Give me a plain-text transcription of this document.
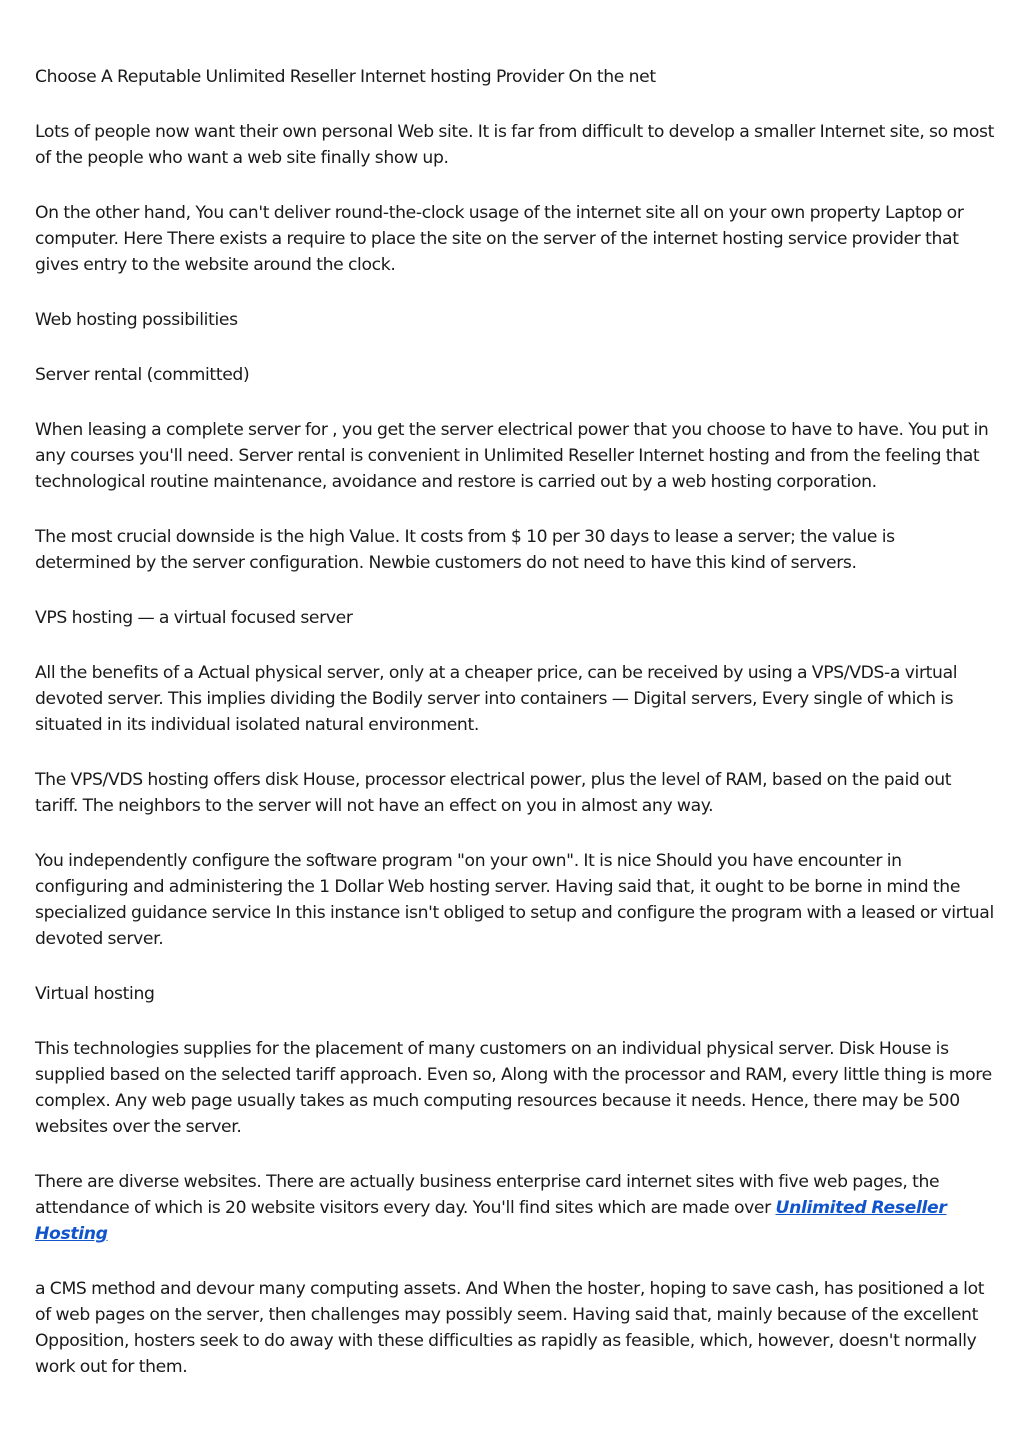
Choose A Reputable Unlimited Reseller Internet hosting Provider On the net

Lots of people now want their own personal Web site. It is far from difficult to develop a smaller Internet site, so most of the people who want a web site finally show up.

On the other hand, You can't deliver round-the-clock usage of the internet site all on your own property Laptop or computer. Here There exists a require to place the site on the server of the internet hosting service provider that gives entry to the website around the clock.

Web hosting possibilities

Server rental (committed)

When leasing a complete server for , you get the server electrical power that you choose to have to have. You put in any courses you'll need. Server rental is convenient in Unlimited Reseller Internet hosting and from the feeling that technological routine maintenance, avoidance and restore is carried out by a web hosting corporation.

The most crucial downside is the high Value. It costs from $ 10 per 30 days to lease a server; the value is determined by the server configuration. Newbie customers do not need to have this kind of servers.

VPS hosting — a virtual focused server

All the benefits of a Actual physical server, only at a cheaper price, can be received by using a VPS/VDS-a virtual devoted server. This implies dividing the Bodily server into containers — Digital servers, Every single of which is situated in its individual isolated natural environment.

The VPS/VDS hosting offers disk House, processor electrical power, plus the level of RAM, based on the paid out tariff. The neighbors to the server will not have an effect on you in almost any way.

You independently configure the software program "on your own". It is nice Should you have encounter in configuring and administering the 1 Dollar Web hosting server. Having said that, it ought to be borne in mind the specialized guidance service In this instance isn't obliged to setup and configure the program with a leased or virtual devoted server.

Virtual hosting

This technologies supplies for the placement of many customers on an individual physical server. Disk House is supplied based on the selected tariff approach. Even so, Along with the processor and RAM, every little thing is more complex. Any web page usually takes as much computing resources because it needs. Hence, there may be 500 websites over the server.

There are diverse websites. There are actually business enterprise card internet sites with five web pages, the attendance of which is 20 website visitors every day. You'll find sites which are made over Unlimited Reseller Hosting

a CMS method and devour many computing assets. And When the hoster, hoping to save cash, has positioned a lot of web pages on the server, then challenges may possibly seem. Having said that, mainly because of the excellent Opposition, hosters seek to do away with these difficulties as rapidly as feasible, which, however, doesn't normally work out for them.
